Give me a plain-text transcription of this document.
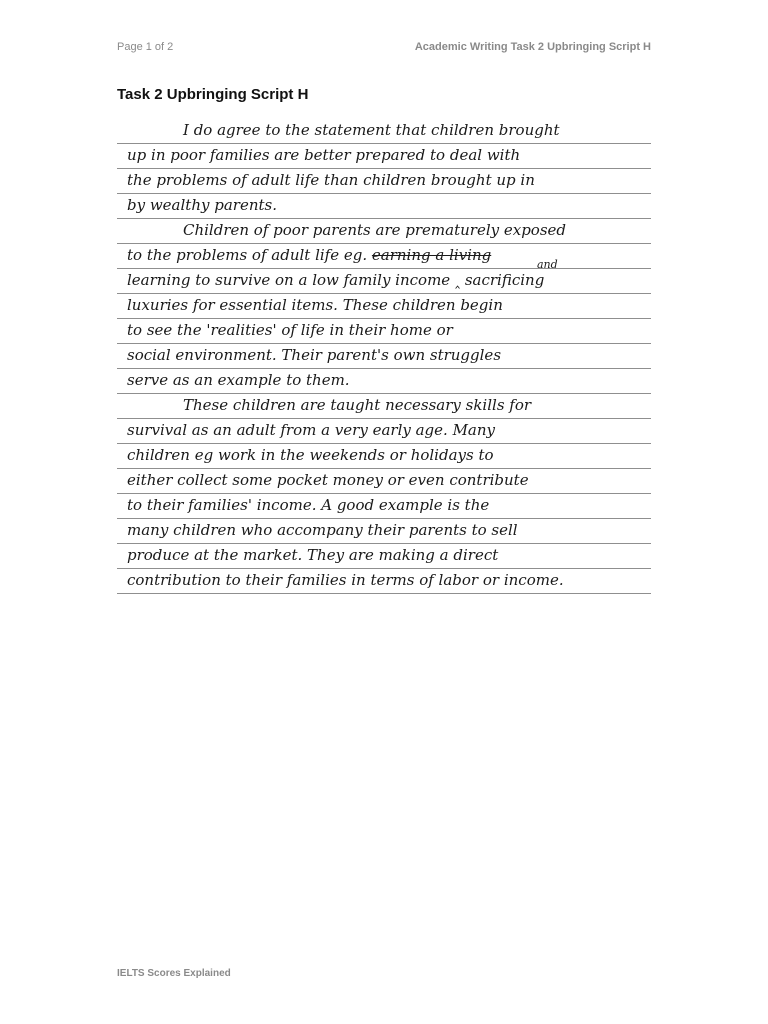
Page 1 of 2	Academic Writing Task 2 Upbringing Script H
Task 2 Upbringing Script H
I do agree to the statement that children brought
up in poor families are better prepared to deal with
the problems of adult life than children brought up in
by wealthy parents.
Children of poor parents are prematurely exposed
to the problems of adult life eg. earning a living
learning to survive on a low family income ‸ sacrificing
and
luxuries for essential items. These children begin
to see the 'realities' of life in their home or
social environment. Their parent's own struggles
serve as an example to them.
These children are taught necessary skills for
survival as an adult from a very early age. Many
children eg work in the weekends or holidays to
either collect some pocket money or even contribute
to their families' income. A good example is the
many children who accompany their parents to sell
produce at the market. They are making a direct
contribution to their families in terms of labor or income.
IELTS Scores Explained
